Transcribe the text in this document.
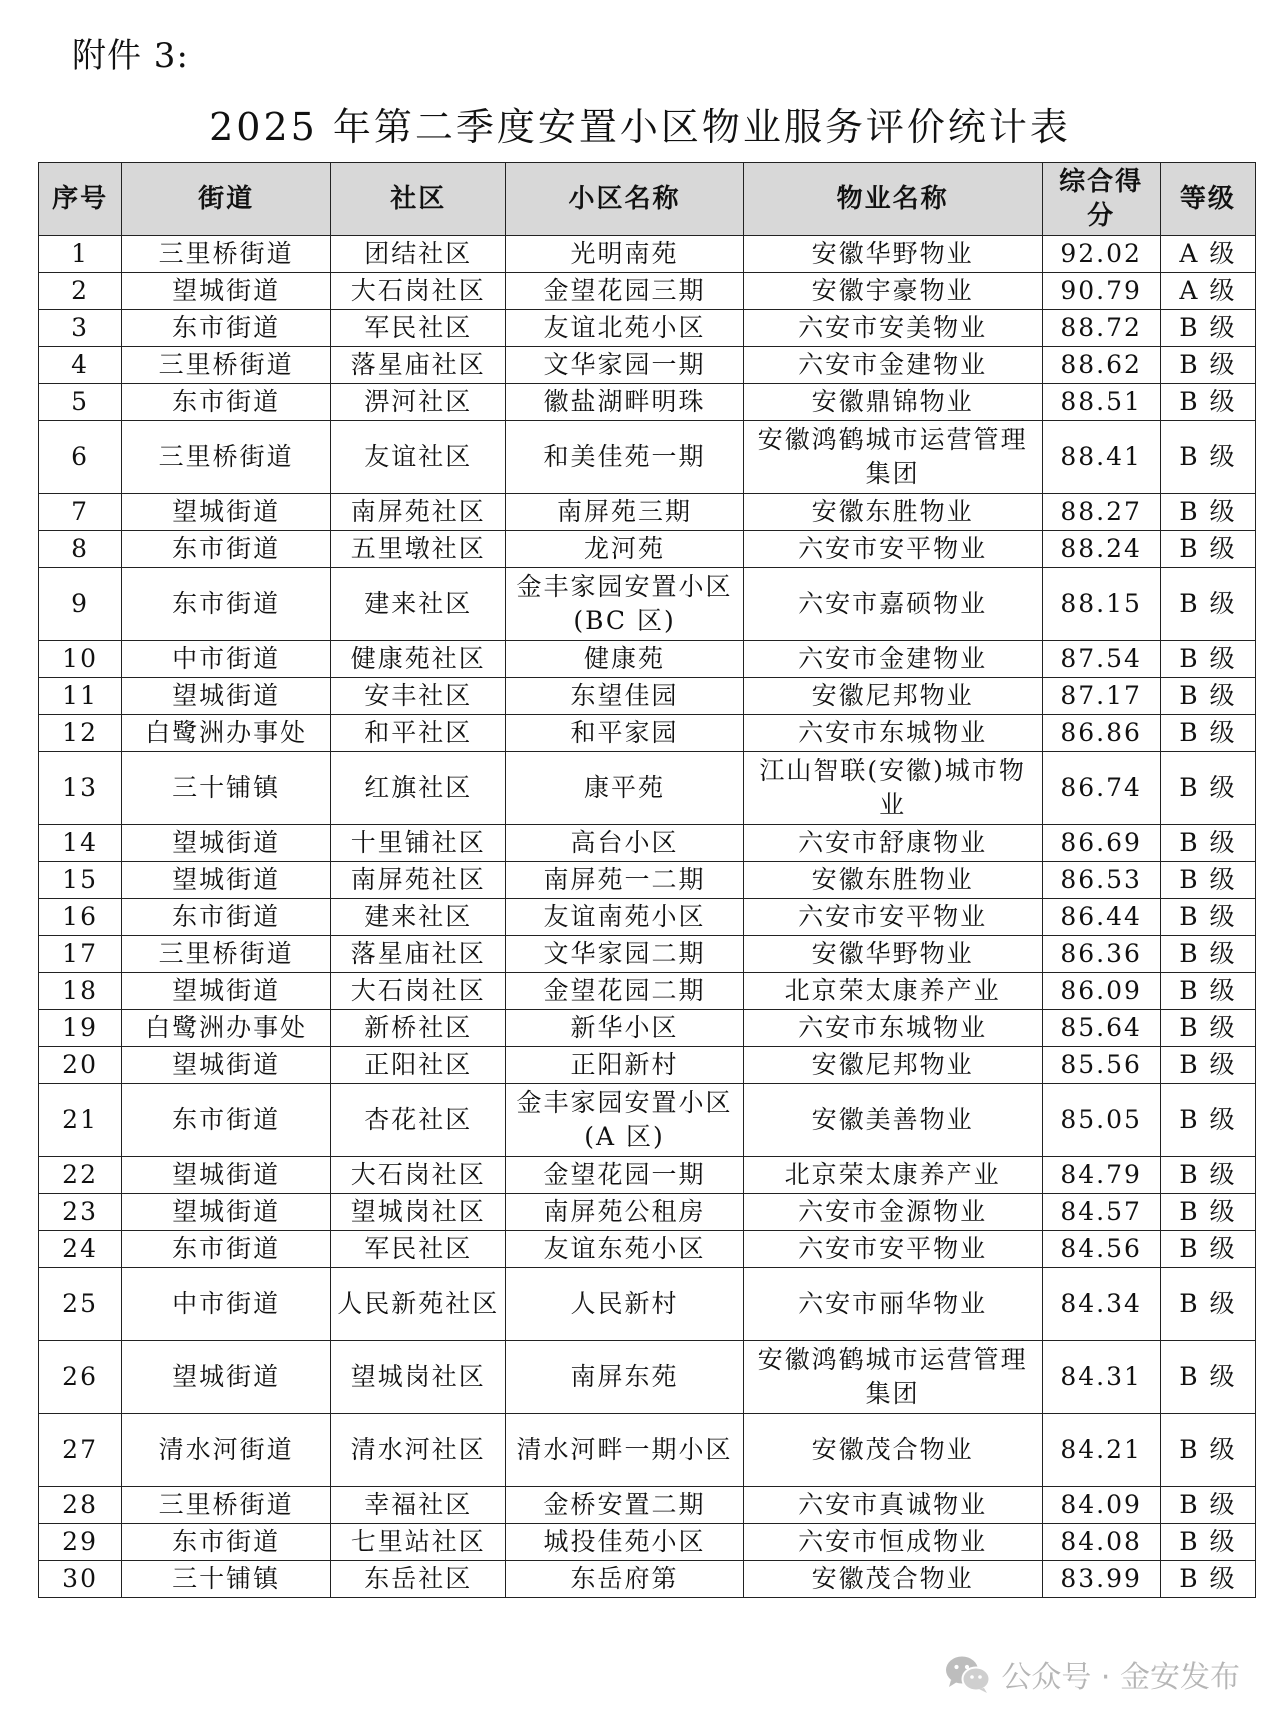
附件 3:
2025 年第二季度安置小区物业服务评价统计表
序号	街道	社区	小区名称	物业名称	综合得分	等级
1	三里桥街道	团结社区	光明南苑	安徽华野物业	92.02	A 级
2	望城街道	大石岗社区	金望花园三期	安徽宇豪物业	90.79	A 级
3	东市街道	军民社区	友谊北苑小区	六安市安美物业	88.72	B 级
4	三里桥街道	落星庙社区	文华家园一期	六安市金建物业	88.62	B 级
5	东市街道	淠河社区	徽盐湖畔明珠	安徽鼎锦物业	88.51	B 级
6	三里桥街道	友谊社区	和美佳苑一期	安徽鸿鹤城市运营管理集团	88.41	B 级
7	望城街道	南屏苑社区	南屏苑三期	安徽东胜物业	88.27	B 级
8	东市街道	五里墩社区	龙河苑	六安市安平物业	88.24	B 级
9	东市街道	建来社区	金丰家园安置小区(BC 区)	六安市嘉硕物业	88.15	B 级
10	中市街道	健康苑社区	健康苑	六安市金建物业	87.54	B 级
11	望城街道	安丰社区	东望佳园	安徽尼邦物业	87.17	B 级
12	白鹭洲办事处	和平社区	和平家园	六安市东城物业	86.86	B 级
13	三十铺镇	红旗社区	康平苑	江山智联(安徽)城市物业	86.74	B 级
14	望城街道	十里铺社区	高台小区	六安市舒康物业	86.69	B 级
15	望城街道	南屏苑社区	南屏苑一二期	安徽东胜物业	86.53	B 级
16	东市街道	建来社区	友谊南苑小区	六安市安平物业	86.44	B 级
17	三里桥街道	落星庙社区	文华家园二期	安徽华野物业	86.36	B 级
18	望城街道	大石岗社区	金望花园二期	北京荣太康养产业	86.09	B 级
19	白鹭洲办事处	新桥社区	新华小区	六安市东城物业	85.64	B 级
20	望城街道	正阳社区	正阳新村	安徽尼邦物业	85.56	B 级
21	东市街道	杏花社区	金丰家园安置小区(A 区)	安徽美善物业	85.05	B 级
22	望城街道	大石岗社区	金望花园一期	北京荣太康养产业	84.79	B 级
23	望城街道	望城岗社区	南屏苑公租房	六安市金源物业	84.57	B 级
24	东市街道	军民社区	友谊东苑小区	六安市安平物业	84.56	B 级
25	中市街道	人民新苑社区	人民新村	六安市丽华物业	84.34	B 级
26	望城街道	望城岗社区	南屏东苑	安徽鸿鹤城市运营管理集团	84.31	B 级
27	清水河街道	清水河社区	清水河畔一期小区	安徽茂合物业	84.21	B 级
28	三里桥街道	幸福社区	金桥安置二期	六安市真诚物业	84.09	B 级
29	东市街道	七里站社区	城投佳苑小区	六安市恒成物业	84.08	B 级
30	三十铺镇	东岳社区	东岳府第	安徽茂合物业	83.99	B 级
公众号 · 金安发布
